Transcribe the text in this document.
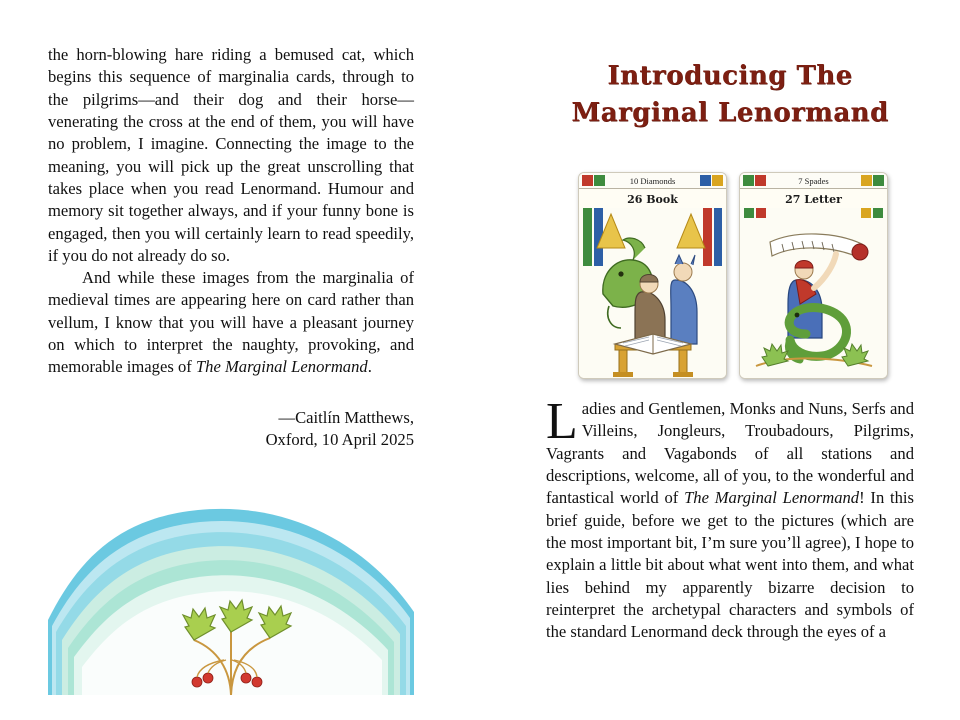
the horn-blowing hare riding a bemused cat, which begins this sequence of marginalia cards, through to the pilgrims—and their dog and their horse—venerating the cross at the end of them, you will have no problem, I imagine. Connecting the image to the meaning, you will pick up the great unscrolling that takes place when you read Lenormand. Humour and memory sit together always, and if your funny bone is engaged, then you will certainly learn to read speedily, if you do not already do so.

And while these images from the marginalia of medieval times are appearing here on card rather than vellum, I know that you will have a pleasant journey on which to interpret the naughty, provoking, and memorable images of The Marginal Lenormand.

—Caitlín Matthews,
Oxford, 10 April 2025
Introducing The
Marginal Lenormand
10 Diamonds
26 Book
7 Spades
27 Letter
Ladies and Gentlemen, Monks and Nuns, Serfs and Villeins, Jongleurs, Troubadours, Pilgrims, Vagrants and Vagabonds of all stations and descriptions, welcome, all of you, to the wonderful and fantastical world of The Marginal Lenormand! In this brief guide, before we get to the pictures (which are the most important bit, I’m sure you’ll agree), I hope to explain a little bit about what went into them, and what lies behind my apparently bizarre decision to reinterpret the archetypal characters and symbols of the standard Lenormand deck through the eyes of a
